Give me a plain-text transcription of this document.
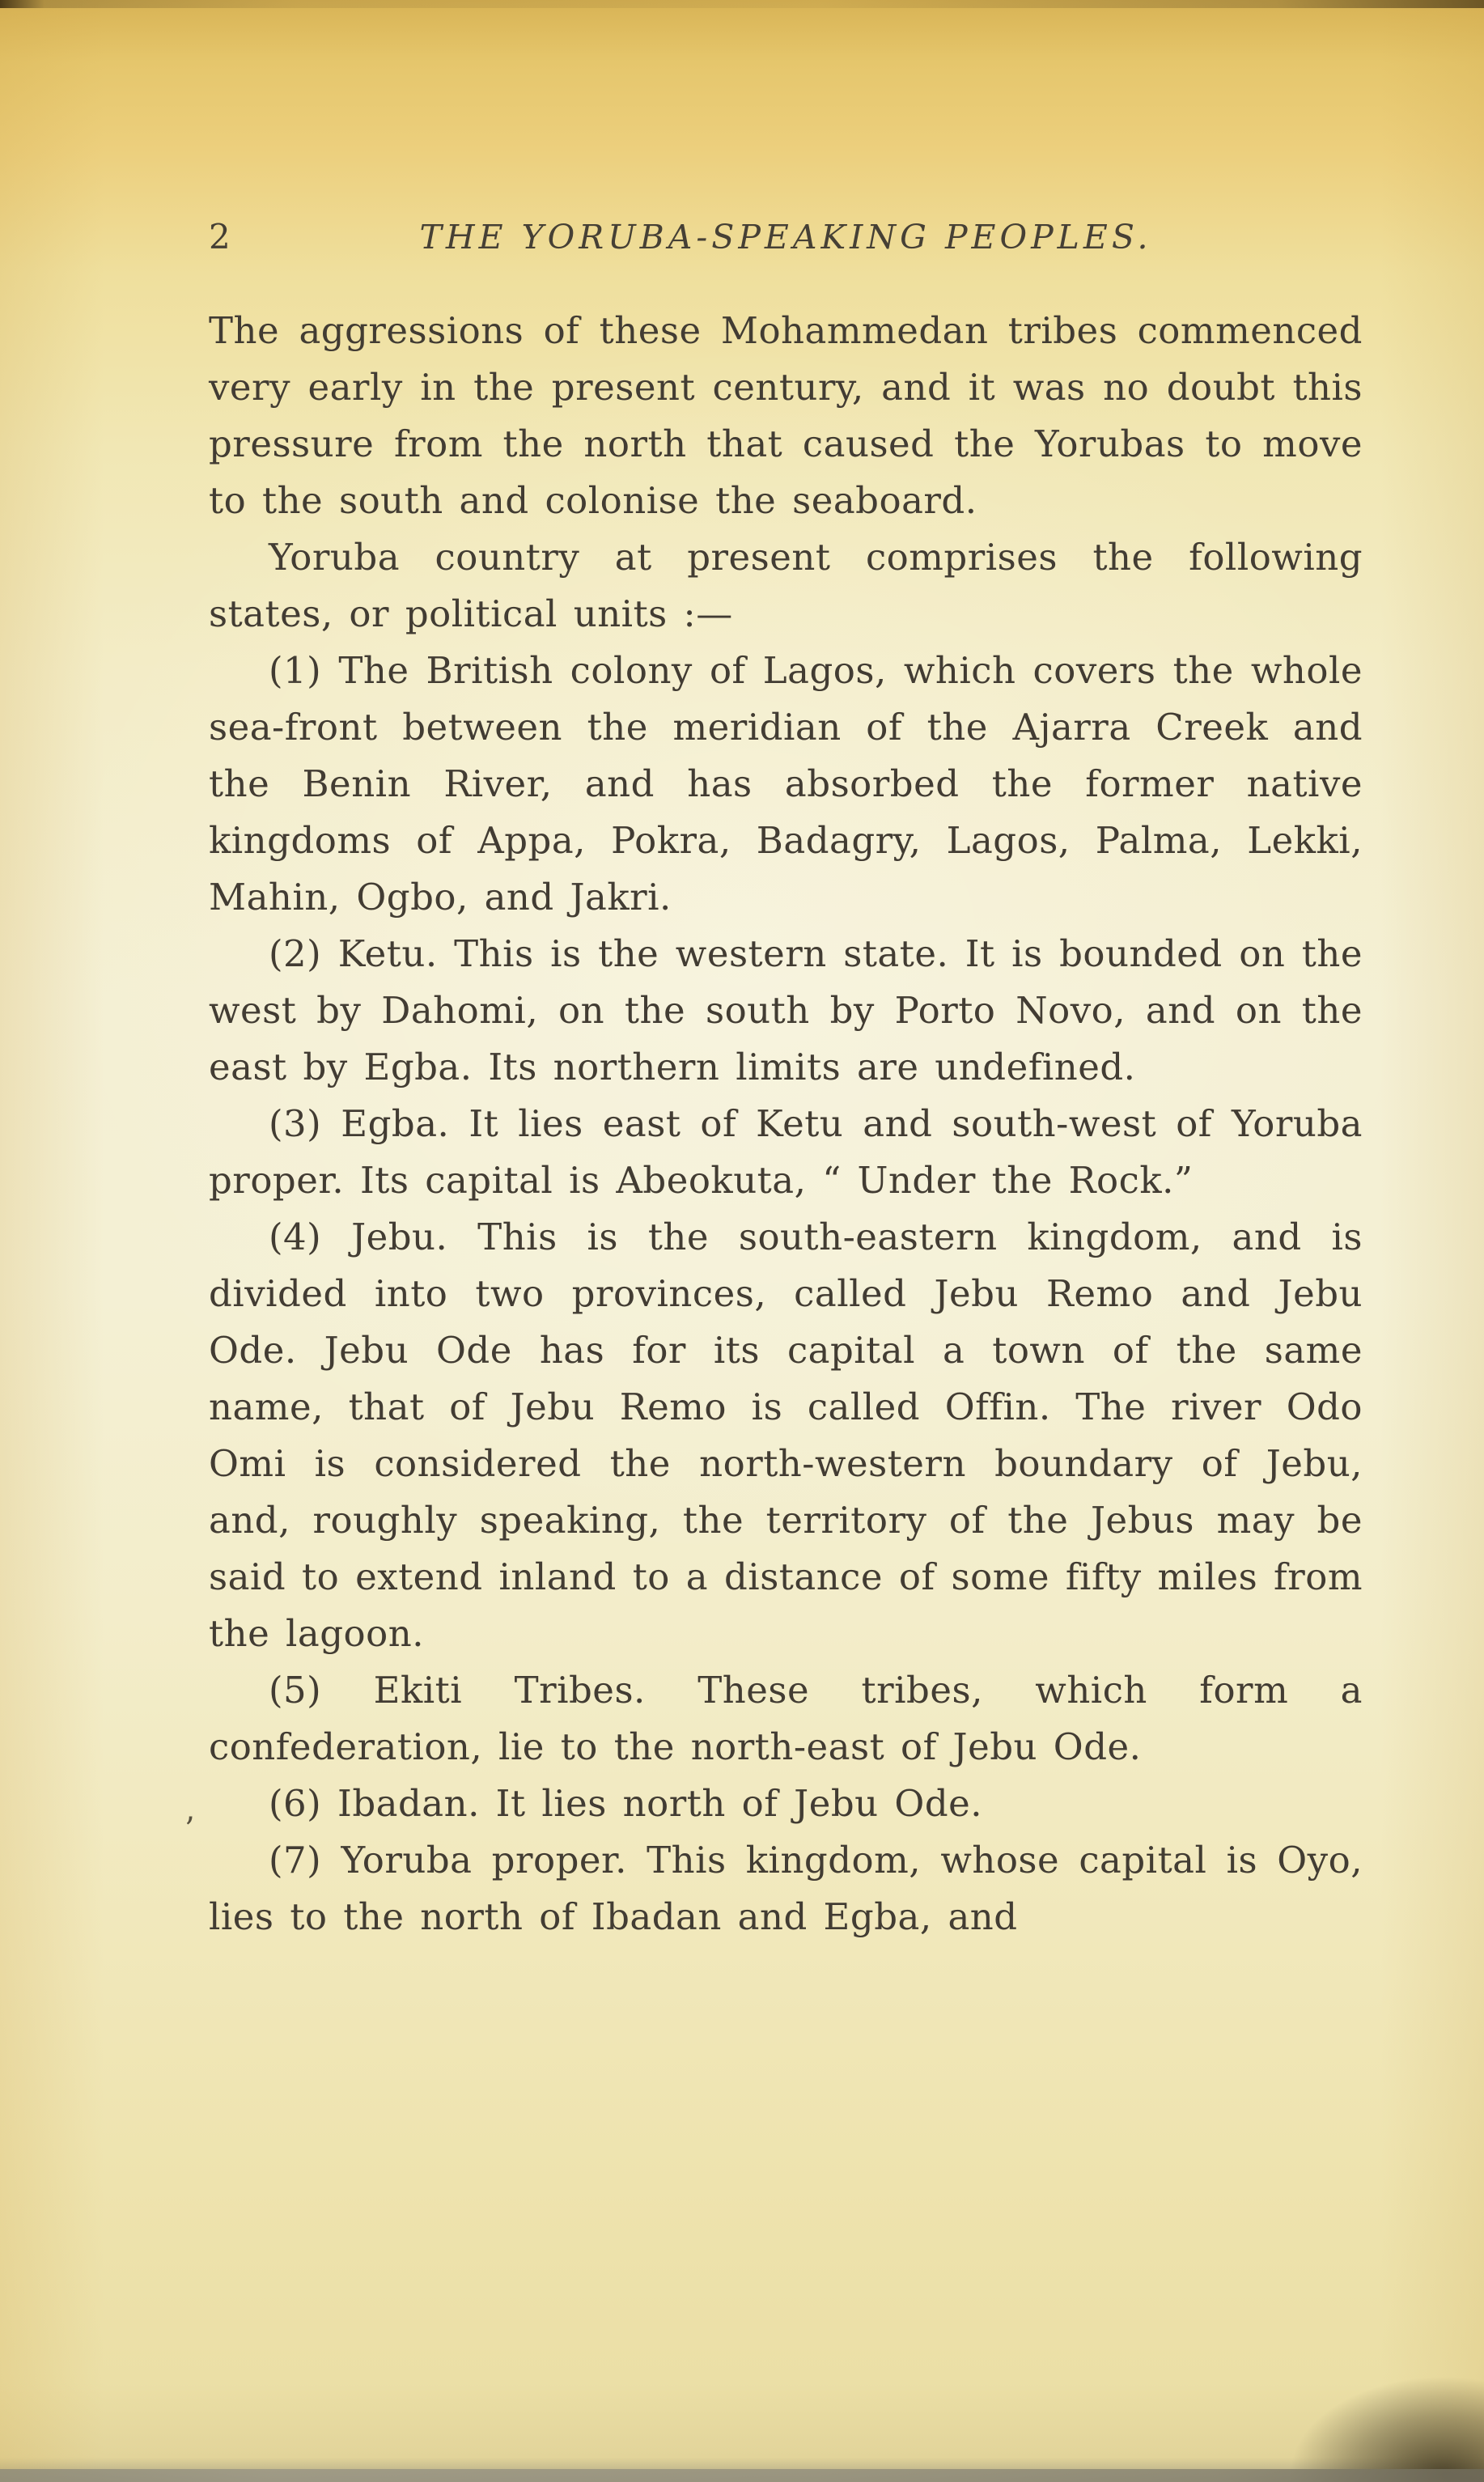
2	THE YORUBA-SPEAKING PEOPLES.

The aggressions of these Mohammedan tribes commenced very early in the present century, and it was no doubt this pressure from the north that caused the Yorubas to move to the south and colonise the seaboard.

Yoruba country at present comprises the following states, or political units :—

(1) The British colony of Lagos, which covers the whole sea-front between the meridian of the Ajarra Creek and the Benin River, and has absorbed the former native kingdoms of Appa, Pokra, Badagry, Lagos, Palma, Lekki, Mahin, Ogbo, and Jakri.

(2) Ketu. This is the western state. It is bounded on the west by Dahomi, on the south by Porto Novo, and on the east by Egba. Its northern limits are undefined.

(3) Egba. It lies east of Ketu and south-west of Yoruba proper. Its capital is Abeokuta, “ Under the Rock.”

(4) Jebu. This is the south-eastern kingdom, and is divided into two provinces, called Jebu Remo and Jebu Ode. Jebu Ode has for its capital a town of the same name, that of Jebu Remo is called Offin. The river Odo Omi is considered the north-western boundary of Jebu, and, roughly speaking, the territory of the Jebus may be said to extend inland to a distance of some fifty miles from the lagoon.

(5) Ekiti Tribes. These tribes, which form a confederation, lie to the north-east of Jebu Ode.

(6) Ibadan. It lies north of Jebu Ode.

(7) Yoruba proper. This kingdom, whose capital is Oyo, lies to the north of Ibadan and Egba, and

’
